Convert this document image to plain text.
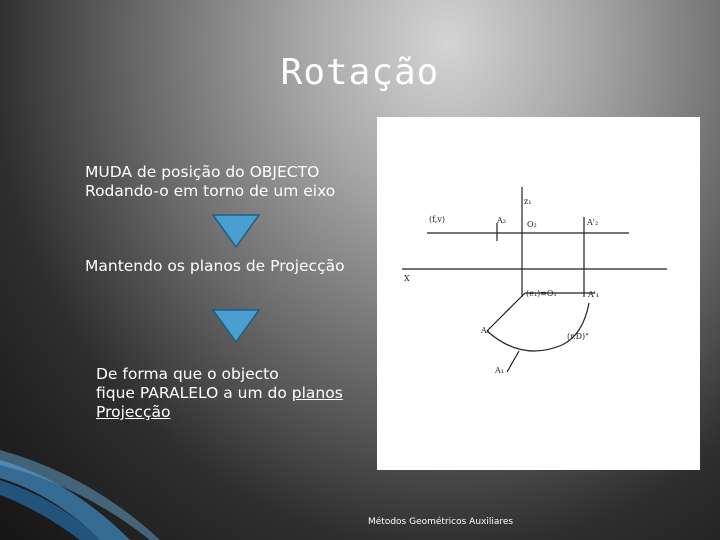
Rotação
MUDA de posição do OBJECTO
Rodando-o em torno de um eixo
Mantendo os planos de Projecção
De forma que o objecto
fique PARALELO a um do planos
Projecção
(f,v)
z₁
A₂	O₂	A'₂
X
(e₁)≡O₁	A'₁
A₁
(r.D)"
A₁
Métodos Geométricos Auxiliares
